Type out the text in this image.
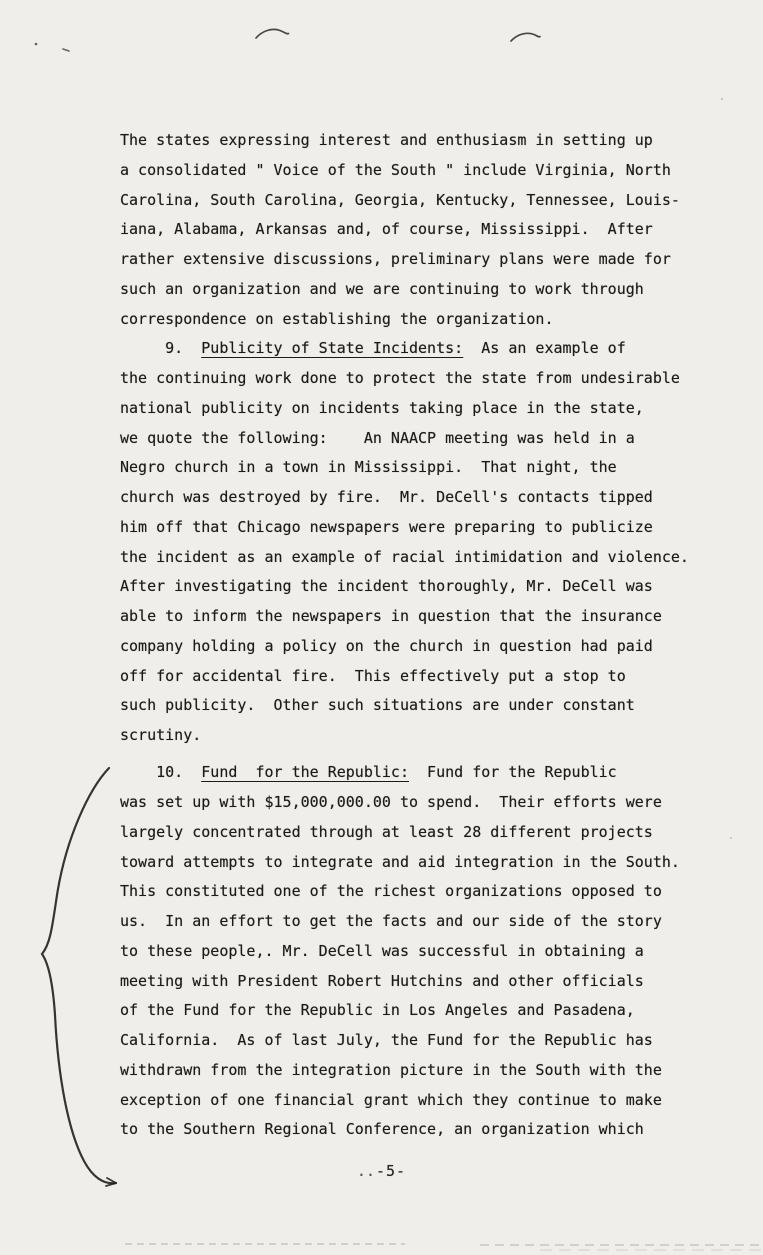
The states expressing interest and enthusiasm in setting up
a consolidated " Voice of the South " include Virginia, North
Carolina, South Carolina, Georgia, Kentucky, Tennessee, Louis-
iana, Alabama, Arkansas and, of course, Mississippi.  After
rather extensive discussions, preliminary plans were made for
such an organization and we are continuing to work through
correspondence on establishing the organization.
9.  Publicity of State Incidents:  As an example of
the continuing work done to protect the state from undesirable
national publicity on incidents taking place in the state,
we quote the following:    An NAACP meeting was held in a
Negro church in a town in Mississippi.  That night, the
church was destroyed by fire.  Mr. DeCell's contacts tipped
him off that Chicago newspapers were preparing to publicize
the incident as an example of racial intimidation and violence.
After investigating the incident thoroughly, Mr. DeCell was
able to inform the newspapers in question that the insurance
company holding a policy on the church in question had paid
off for accidental fire.  This effectively put a stop to
such publicity.  Other such situations are under constant
scrutiny.
10.  Fund  for the Republic:  Fund for the Republic
was set up with $15,000,000.00 to spend.  Their efforts were
largely concentrated through at least 28 different projects
toward attempts to integrate and aid integration in the South.
This constituted one of the richest organizations opposed to
us.  In an effort to get the facts and our side of the story
to these people,. Mr. DeCell was successful in obtaining a
meeting with President Robert Hutchins and other officials
of the Fund for the Republic in Los Angeles and Pasadena,
California.  As of last July, the Fund for the Republic has
withdrawn from the integration picture in the South with the
exception of one financial grant which they continue to make
to the Southern Regional Conference, an organization which
..-5-
